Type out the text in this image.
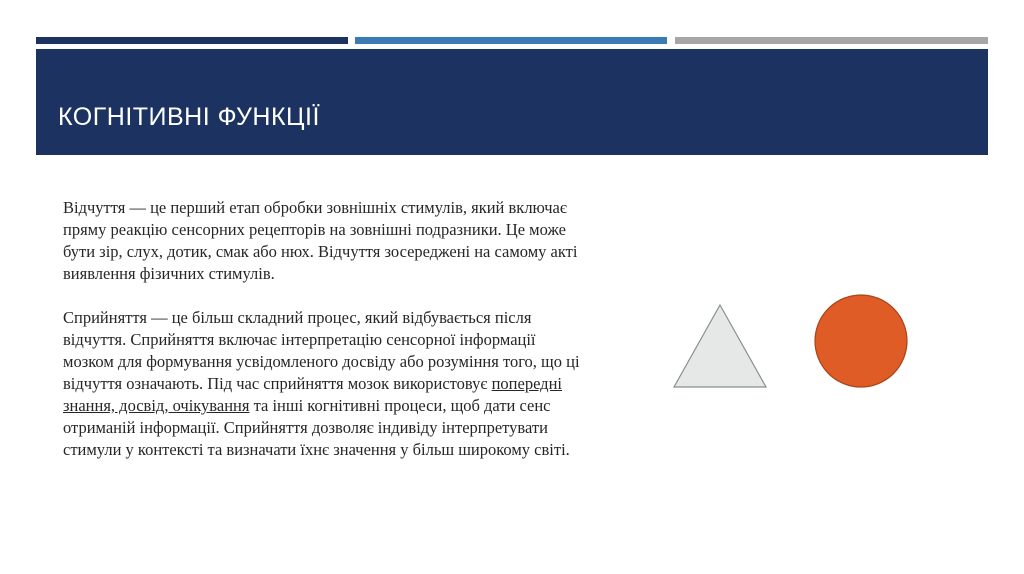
КОГНІТИВНІ ФУНКЦІЇ

Відчуття — це перший етап обробки зовнішніх стимулів, який включає пряму реакцію сенсорних рецепторів на зовнішні подразники. Це може бути зір, слух, дотик, смак або нюх. Відчуття зосереджені на самому акті виявлення фізичних стимулів.

Сприйняття — це більш складний процес, який відбувається після відчуття. Сприйняття включає інтерпретацію сенсорної інформації мозком для формування усвідомленого досвіду або розуміння того, що ці відчуття означають. Під час сприйняття мозок використовує попередні знання, досвід, очікування та інші когнітивні процеси, щоб дати сенс отриманій інформації. Сприйняття дозволяє індивіду інтерпретувати стимули у контексті та визначати їхнє значення у більш широкому світі.
